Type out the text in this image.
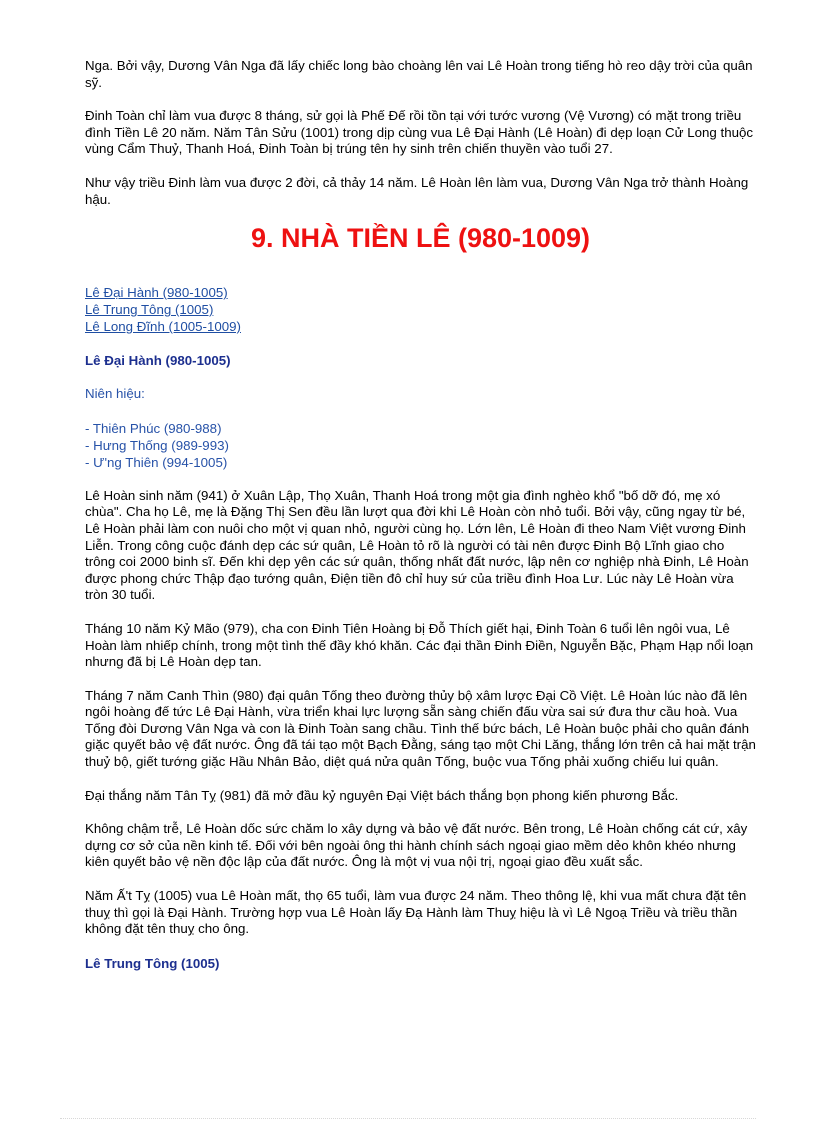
Nga. Bởi vậy, Dương Vân Nga đã lấy chiếc long bào choàng lên vai Lê Hoàn trong tiếng hò reo dậy trời của quân sỹ.

Đinh Toàn chỉ làm vua được 8 tháng, sử gọi là Phế Đế rồi tồn tại với tước vương (Vệ Vương) có mặt trong triều đình Tiền Lê 20 năm. Năm Tân Sửu (1001) trong dịp cùng vua Lê Đại Hành (Lê Hoàn) đi dẹp loạn Cử Long thuộc vùng Cẩm Thuỷ, Thanh Hoá, Đinh Toàn bị trúng tên hy sinh trên chiến thuyền vào tuổi 27.

Như vậy triều Đinh làm vua được 2 đời, cả thảy 14 năm. Lê Hoàn lên làm vua, Dương Vân Nga trở thành Hoàng hậu.

9. NHÀ TIỀN LÊ (980-1009)
Lê Đại Hành (980-1005)
Lê Trung Tông (1005)
Lê Long Đĩnh (1005-1009)
Lê Đại Hành (980-1005)

Niên hiệu:

- Thiên Phúc (980-988)
- Hưng Thống (989-993)
- Ư'ng Thiên (994-1005)

Lê Hoàn sinh năm (941) ở Xuân Lập, Thọ Xuân, Thanh Hoá trong một gia đình nghèo khổ "bố dỡ đó, mẹ xó chùa". Cha họ Lê, mẹ là Đặng Thị Sen đều lần lượt qua đời khi Lê Hoàn còn nhỏ tuổi. Bởi vậy, cũng ngay từ bé, Lê Hoàn phải làm con nuôi cho một vị quan nhỏ, người cùng họ. Lớn lên, Lê Hoàn đi theo Nam Việt vương Đinh Liễn. Trong công cuộc đánh dẹp các sứ quân, Lê Hoàn tỏ rõ là người có tài nên được Đinh Bộ Lĩnh giao cho trông coi 2000 binh sĩ. Đến khi dẹp yên các sứ quân, thống nhất đất nước, lập nên cơ nghiệp nhà Đinh, Lê Hoàn được phong chức Thập đạo tướng quân, Điện tiền đô chỉ huy sứ của triều đình Hoa Lư. Lúc này Lê Hoàn vừa tròn 30 tuổi.

Tháng 10 năm Kỷ Mão (979), cha con Đinh Tiên Hoàng bị Đỗ Thích giết hại, Đinh Toàn 6 tuổi lên ngôi vua, Lê Hoàn làm nhiếp chính, trong một tình thế đầy khó khăn. Các đại thần Đinh Điền, Nguyễn Bặc, Phạm Hạp nổi loạn nhưng đã bị Lê Hoàn dẹp tan.

Tháng 7 năm Canh Thìn (980) đại quân Tống theo đường thủy bộ xâm lược Đại Cồ Việt. Lê Hoàn lúc nào đã lên ngôi hoàng đế tức Lê Đại Hành, vừa triển khai lực lượng sẵn sàng chiến đấu vừa sai sứ đưa thư cầu hoà. Vua Tống đòi Dương Vân Nga và con là Đinh Toàn sang chầu. Tình thế bức bách, Lê Hoàn buộc phải cho quân đánh giặc quyết bảo vệ đất nước. Ông đã tái tạo một Bạch Đằng, sáng tạo một Chi Lăng, thắng lớn trên cả hai mặt trận thuỷ bộ, giết tướng giặc Hầu Nhân Bảo, diệt quá nửa quân Tống, buộc vua Tống phải xuống chiếu lui quân.

Đại thắng năm Tân Tỵ (981) đã mở đầu kỷ nguyên Đại Việt bách thắng bọn phong kiến phương Bắc.

Không chậm trễ, Lê Hoàn dốc sức chăm lo xây dựng và bảo vệ đất nước. Bên trong, Lê Hoàn chống cát cứ, xây dựng cơ sở của nền kinh tế. Đối với bên ngoài ông thi hành chính sách ngoại giao mềm dẻo khôn khéo nhưng kiên quyết bảo vệ nền độc lập của đất nước. Ông là một vị vua nội trị, ngoại giao đều xuất sắc.

Năm Ấ't Tỵ (1005) vua Lê Hoàn mất, thọ 65 tuổi, làm vua được 24 năm. Theo thông lệ, khi vua mất chưa đặt tên thuỵ thì gọi là Đại Hành. Trường hợp vua Lê Hoàn lấy Đạ Hành làm Thuỵ hiệu là vì Lê Ngoạ Triều và triều thần không đặt tên thuỵ cho ông.

Lê Trung Tông (1005)
